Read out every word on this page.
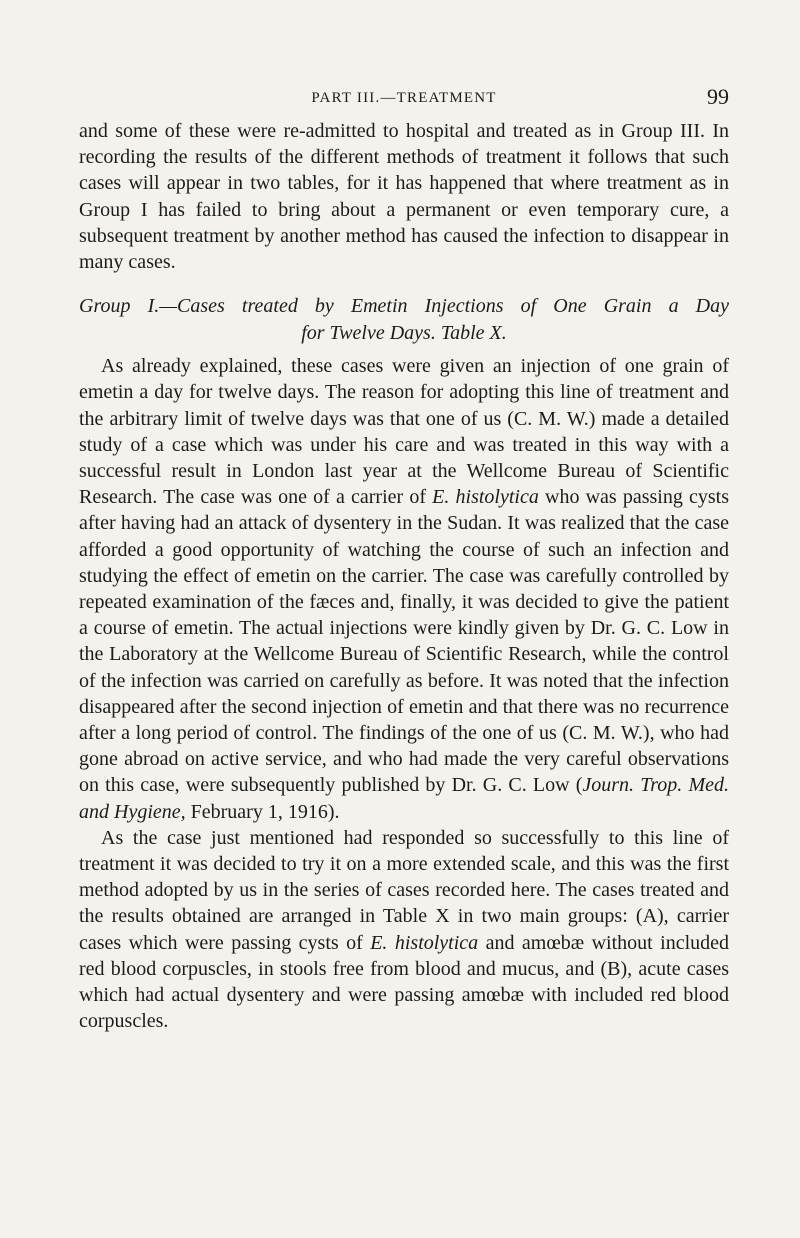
PART III.—TREATMENT	99

and some of these were re-admitted to hospital and treated as in Group III. In recording the results of the different methods of treatment it follows that such cases will appear in two tables, for it has happened that where treatment as in Group I has failed to bring about a permanent or even temporary cure, a subsequent treatment by another method has caused the infection to disappear in many cases.

Group I.—Cases treated by Emetin Injections of One Grain a Day
for Twelve Days. Table X.

As already explained, these cases were given an injection of one grain of emetin a day for twelve days. The reason for adopting this line of treatment and the arbitrary limit of twelve days was that one of us (C. M. W.) made a detailed study of a case which was under his care and was treated in this way with a successful result in London last year at the Wellcome Bureau of Scientific Research. The case was one of a carrier of E. histolytica who was passing cysts after having had an attack of dysentery in the Sudan. It was realized that the case afforded a good opportunity of watching the course of such an infection and studying the effect of emetin on the carrier. The case was carefully controlled by repeated examination of the fæces and, finally, it was decided to give the patient a course of emetin. The actual injections were kindly given by Dr. G. C. Low in the Laboratory at the Wellcome Bureau of Scientific Research, while the control of the infection was carried on carefully as before. It was noted that the infection disappeared after the second injection of emetin and that there was no recurrence after a long period of control. The findings of the one of us (C. M. W.), who had gone abroad on active service, and who had made the very careful observations on this case, were subsequently published by Dr. G. C. Low (Journ. Trop. Med. and Hygiene, February 1, 1916).

As the case just mentioned had responded so successfully to this line of treatment it was decided to try it on a more extended scale, and this was the first method adopted by us in the series of cases recorded here. The cases treated and the results obtained are arranged in Table X in two main groups: (A), carrier cases which were passing cysts of E. histolytica and amœbæ without included red blood corpuscles, in stools free from blood and mucus, and (B), acute cases which had actual dysentery and were passing amœbæ with included red blood corpuscles.
